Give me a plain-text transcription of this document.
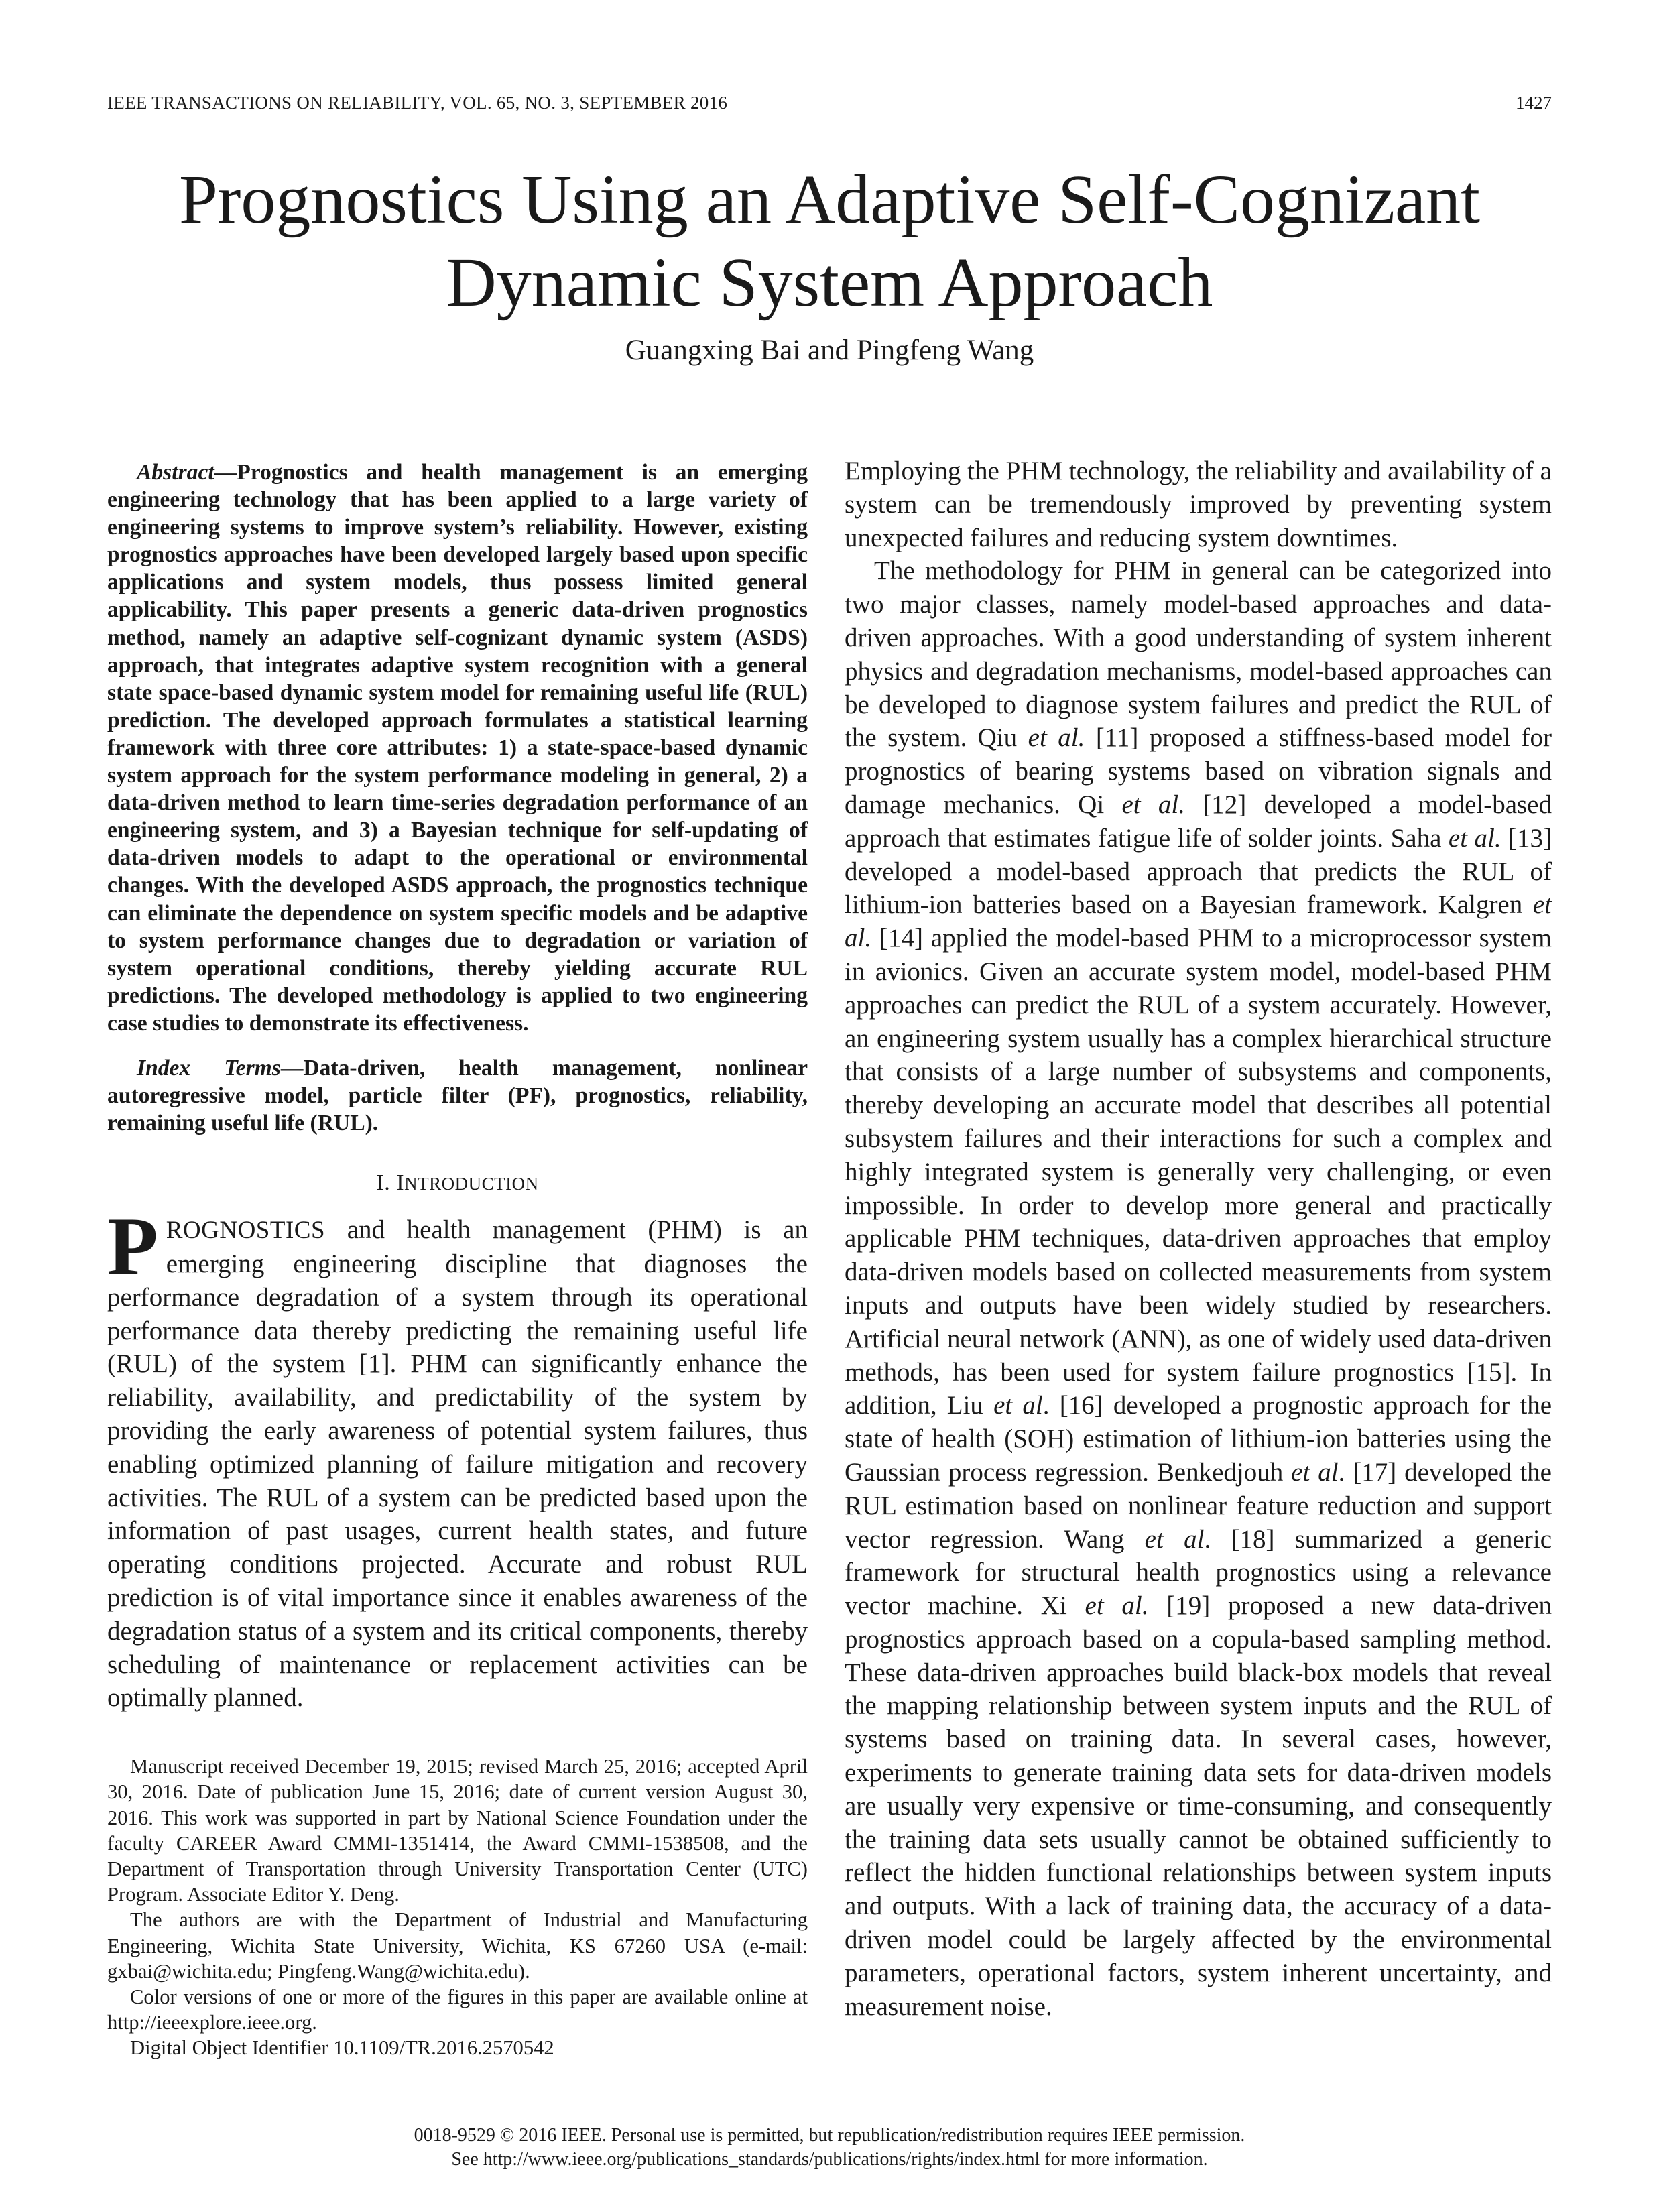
IEEE TRANSACTIONS ON RELIABILITY, VOL. 65, NO. 3, SEPTEMBER 2016	1427
Prognostics Using an Adaptive Self-Cognizant
Dynamic System Approach
Guangxing Bai and Pingfeng Wang

Abstract—Prognostics and health management is an emerging engineering technology that has been applied to a large variety of engineering systems to improve system’s reliability. However, existing prognostics approaches have been developed largely based upon specific applications and system models, thus possess limited general applicability. This paper presents a generic data-driven prognostics method, namely an adaptive self-cognizant dynamic system (ASDS) approach, that integrates adaptive system recognition with a general state space-based dynamic system model for remaining useful life (RUL) prediction. The developed approach formulates a statistical learning framework with three core attributes: 1) a state-space-based dynamic system approach for the system performance modeling in general, 2) a data-driven method to learn time-series degradation performance of an engineering system, and 3) a Bayesian technique for self-updating of data-driven models to adapt to the operational or environmental changes. With the developed ASDS approach, the prognostics technique can eliminate the dependence on system specific models and be adaptive to system performance changes due to degradation or variation of system operational conditions, thereby yielding accurate RUL predictions. The developed methodology is applied to two engineering case studies to demonstrate its effectiveness.

Index Terms—Data-driven, health management, nonlinear autoregressive model, particle filter (PF), prognostics, reliability, remaining useful life (RUL).

I. INTRODUCTION

PROGNOSTICS and health management (PHM) is an emerging engineering discipline that diagnoses the performance degradation of a system through its operational performance data thereby predicting the remaining useful life (RUL) of the system [1]. PHM can significantly enhance the reliability, availability, and predictability of the system by providing the early awareness of potential system failures, thus enabling optimized planning of failure mitigation and recovery activities. The RUL of a system can be predicted based upon the information of past usages, current health states, and future operating conditions projected. Accurate and robust RUL prediction is of vital importance since it enables awareness of the degradation status of a system and its critical components, thereby scheduling of maintenance or replacement activities can be optimally planned.

Manuscript received December 19, 2015; revised March 25, 2016; accepted April 30, 2016. Date of publication June 15, 2016; date of current version August 30, 2016. This work was supported in part by National Science Foundation under the faculty CAREER Award CMMI-1351414, the Award CMMI-1538508, and the Department of Transportation through University Transportation Center (UTC) Program. Associate Editor Y. Deng.

The authors are with the Department of Industrial and Manufacturing Engineering, Wichita State University, Wichita, KS 67260 USA (e-mail: gxbai@wichita.edu; Pingfeng.Wang@wichita.edu).

Color versions of one or more of the figures in this paper are available online at http://ieeexplore.ieee.org.

Digital Object Identifier 10.1109/TR.2016.2570542

Employing the PHM technology, the reliability and availability of a system can be tremendously improved by preventing system unexpected failures and reducing system downtimes.

The methodology for PHM in general can be categorized into two major classes, namely model-based approaches and data-driven approaches. With a good understanding of system inherent physics and degradation mechanisms, model-based approaches can be developed to diagnose system failures and predict the RUL of the system. Qiu et al. [11] proposed a stiffness-based model for prognostics of bearing systems based on vibration signals and damage mechanics. Qi et al. [12] developed a model-based approach that estimates fatigue life of solder joints. Saha et al. [13] developed a model-based approach that predicts the RUL of lithium-ion batteries based on a Bayesian framework. Kalgren et al. [14] applied the model-based PHM to a microprocessor system in avionics. Given an accurate system model, model-based PHM approaches can predict the RUL of a system accurately. However, an engineering system usually has a complex hierarchical structure that consists of a large number of subsystems and components, thereby developing an accurate model that describes all potential subsystem failures and their interactions for such a complex and highly integrated system is generally very challenging, or even impossible. In order to develop more general and practically applicable PHM techniques, data-driven approaches that employ data-driven models based on collected measurements from system inputs and outputs have been widely studied by researchers. Artificial neural network (ANN), as one of widely used data-driven methods, has been used for system failure prognostics [15]. In addition, Liu et al. [16] developed a prognostic approach for the state of health (SOH) estimation of lithium-ion batteries using the Gaussian process regression. Benkedjouh et al. [17] developed the RUL estimation based on nonlinear feature reduction and support vector regression. Wang et al. [18] summarized a generic framework for structural health prognostics using a relevance vector machine. Xi et al. [19] proposed a new data-driven prognostics approach based on a copula-based sampling method. These data-driven approaches build black-box models that reveal the mapping relationship between system inputs and the RUL of systems based on training data. In several cases, however, experiments to generate training data sets for data-driven models are usually very expensive or time-consuming, and consequently the training data sets usually cannot be obtained sufficiently to reflect the hidden functional relationships between system inputs and outputs. With a lack of training data, the accuracy of a data-driven model could be largely affected by the environmental parameters, operational factors, system inherent uncertainty, and measurement noise.

0018-9529 © 2016 IEEE. Personal use is permitted, but republication/redistribution requires IEEE permission.
See http://www.ieee.org/publications_standards/publications/rights/index.html for more information.
